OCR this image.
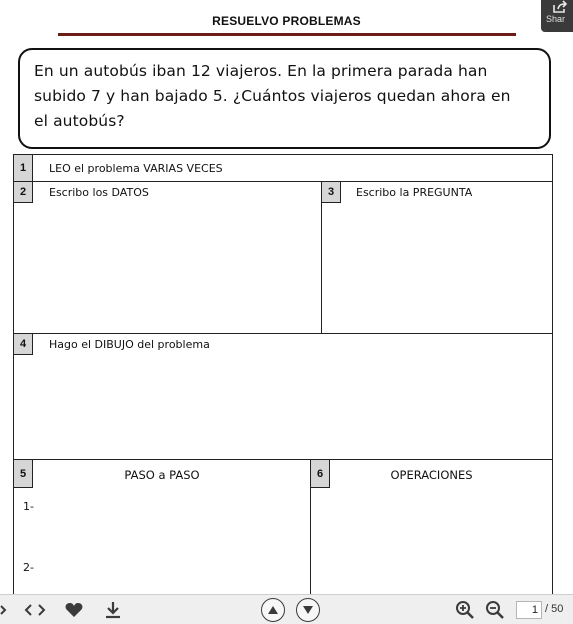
Shar
RESUELVO PROBLEMAS
En un autobús iban 12 viajeros. En la primera parada han
subido 7 y han bajado 5. ¿Cuántos viajeros quedan ahora en
el autobús?
1	LEO el problema VARIAS VECES
2	Escribo los DATOS	3	Escribo la PREGUNTA
4	Hago el DIBUJO del problema
5	PASO a PASO
1-
2-
6	OPERACIONES
1 / 50
